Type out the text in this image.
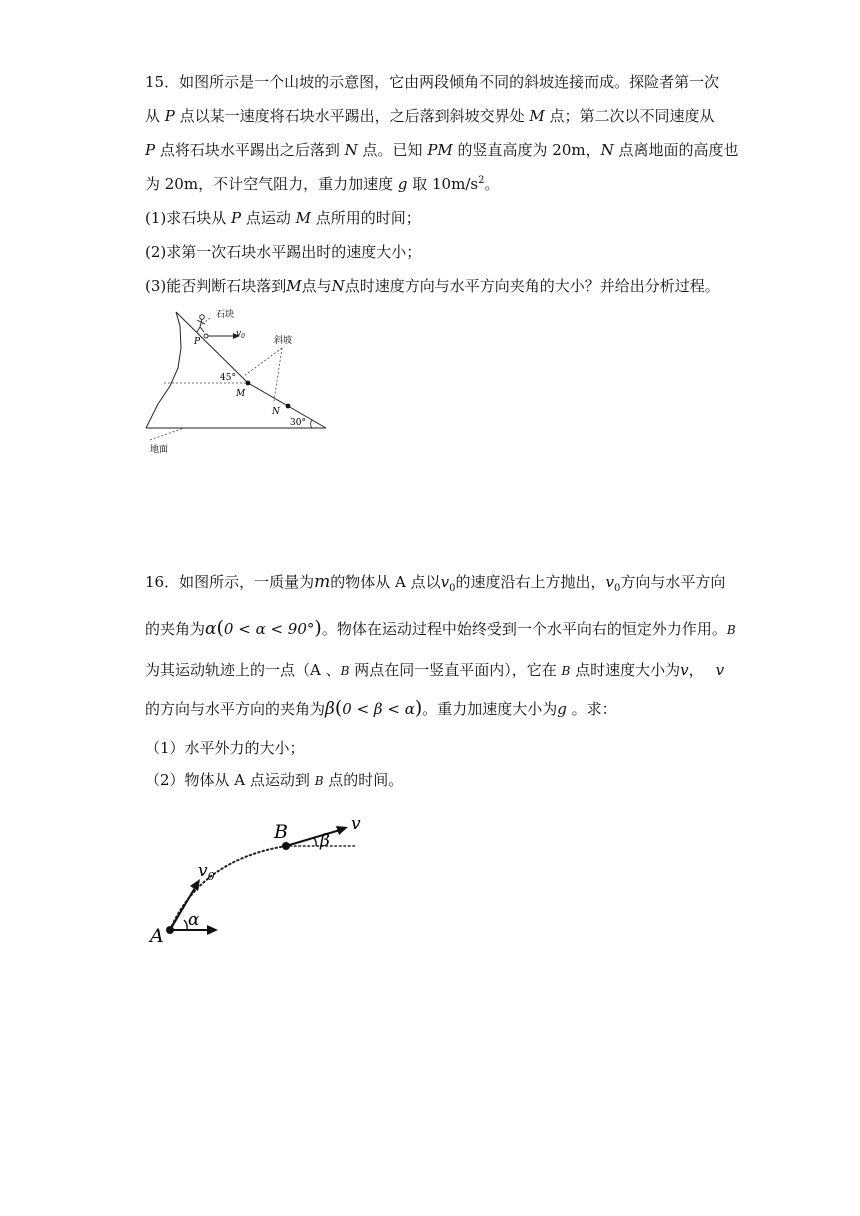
15．如图所示是一个山坡的示意图，它由两段倾角不同的斜坡连接而成。探险者第一次
从 P 点以某一速度将石块水平踢出，之后落到斜坡交界处 M 点；第二次以不同速度从
P 点将石块水平踢出之后落到 N 点。已知 PM 的竖直高度为 20m，N 点离地面的高度也
为 20m，不计空气阻力，重力加速度 g 取 $10m/s^2$。
(1)求石块从 P 点运动 M 点所用的时间；
(2)求第一次石块水平踢出时的速度大小；
(3)能否判断石块落到M点与N点时速度方向与水平方向夹角的大小？并给出分析过程。
石块
$v_0$	斜坡
P
45°
M
N
30°
地面
16．如图所示，一质量为m的物体从 A 点以$v_0$的速度沿右上方抛出，$v_0$方向与水平方向
的夹角为α(0 < α < 90°)。物体在运动过程中始终受到一个水平向右的恒定外力作用。B
为其运动轨迹上的一点（A 、B 两点在同一竖直平面内），它在 B 点时速度大小为v， v
的方向与水平方向的夹角为β(0 < β < α)。重力加速度大小为g 。求：
（1）水平外力的大小；
（2）物体从 A 点运动到 B 点的时间。
A
B	v
$v_0$
α
β
